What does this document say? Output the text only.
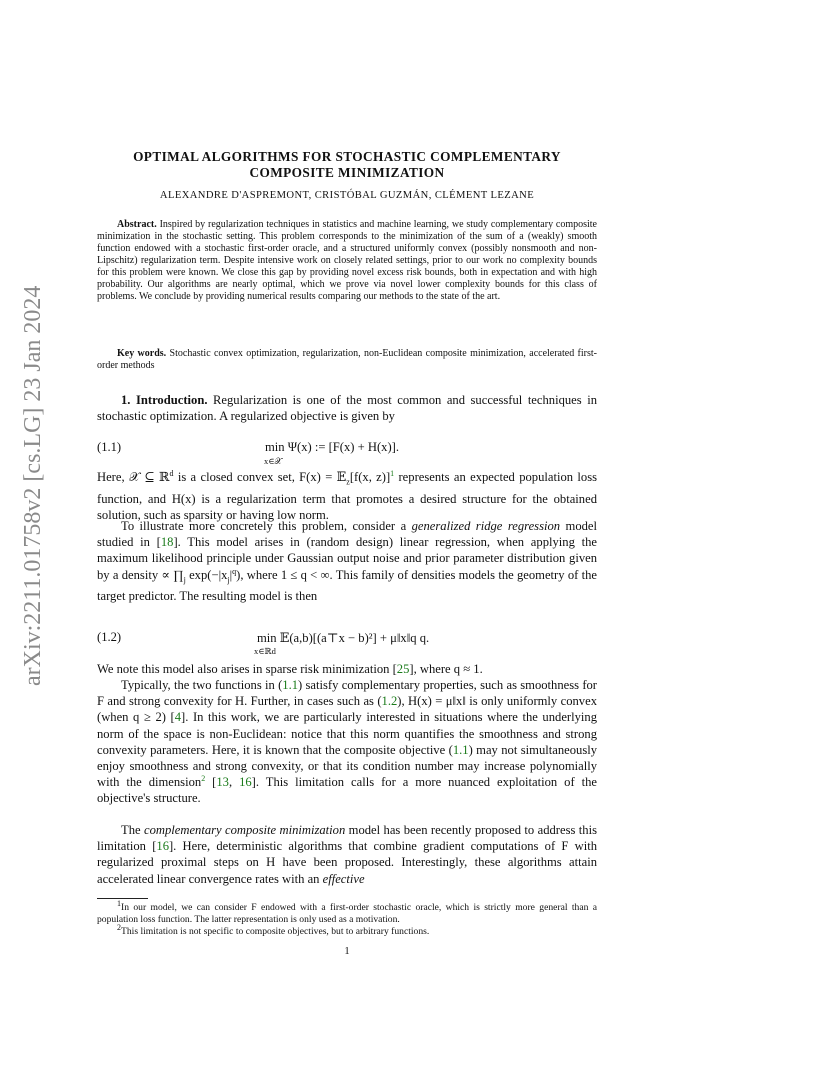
arXiv:2211.01758v2 [cs.LG] 23 Jan 2024
OPTIMAL ALGORITHMS FOR STOCHASTIC COMPLEMENTARY
COMPOSITE MINIMIZATION
ALEXANDRE D'ASPREMONT, CRISTÓBAL GUZMÁN, CLÉMENT LEZANE
Abstract. Inspired by regularization techniques in statistics and machine learning, we study complementary composite minimization in the stochastic setting. This problem corresponds to the minimization of the sum of a (weakly) smooth function endowed with a stochastic first-order oracle, and a structured uniformly convex (possibly nonsmooth and non-Lipschitz) regularization term. Despite intensive work on closely related settings, prior to our work no complexity bounds for this problem were known. We close this gap by providing novel excess risk bounds, both in expectation and with high probability. Our algorithms are nearly optimal, which we prove via novel lower complexity bounds for this class of problems. We conclude by providing numerical results comparing our methods to the state of the art.
Key words. Stochastic convex optimization, regularization, non-Euclidean composite minimization, accelerated first-order methods
1. Introduction. Regularization is one of the most common and successful techniques in stochastic optimization. A regularized objective is given by
(1.1)	min Ψ(x) := [F(x) + H(x)].
x∈𝒳
Here, 𝒳 ⊆ ℝ$^d$ is a closed convex set, F(x) = 𝔼$_z$[f(x, z)]$^1$ represents an expected population loss function, and H(x) is a regularization term that promotes a desired structure for the obtained solution, such as sparsity or having low norm.
To illustrate more concretely this problem, consider a generalized ridge regression model studied in [18]. This model arises in (random design) linear regression, when applying the maximum likelihood principle under Gaussian output noise and prior parameter distribution given by a density ∝ $\prod_j$ $\exp(-|x_j|^q)$, where 1 ≤ q < ∞. This family of densities models the geometry of the target predictor. The resulting model is then
(1.2)	min 𝔼(a,b)[(a⊤x − b)²] + μ‖x‖q q.
x∈ℝd
We note this model also arises in sparse risk minimization [25], where q ≈ 1.
Typically, the two functions in (1.1) satisfy complementary properties, such as smoothness for F and strong convexity for H. Further, in cases such as (1.2), H(x) = μ‖x‖ is only uniformly convex (when q ≥ 2) [4]. In this work, we are particularly interested in situations where the underlying norm of the space is non-Euclidean: notice that this norm quantifies the smoothness and strong convexity parameters. Here, it is known that the composite objective (1.1) may not simultaneously enjoy smoothness and strong convexity, or that its condition number may increase polynomially with the dimension$^2$ [13, 16]. This limitation calls for a more nuanced exploitation of the objective's structure.
The complementary composite minimization model has been recently proposed to address this limitation [16]. Here, deterministic algorithms that combine gradient computations of F with regularized proximal steps on H have been proposed. Interestingly, these algorithms attain accelerated linear convergence rates with an effective
$^1$In our model, we can consider F endowed with a first-order stochastic oracle, which is strictly more general than a population loss function. The latter representation is only used as a motivation.
$^2$This limitation is not specific to composite objectives, but to arbitrary functions.
1
